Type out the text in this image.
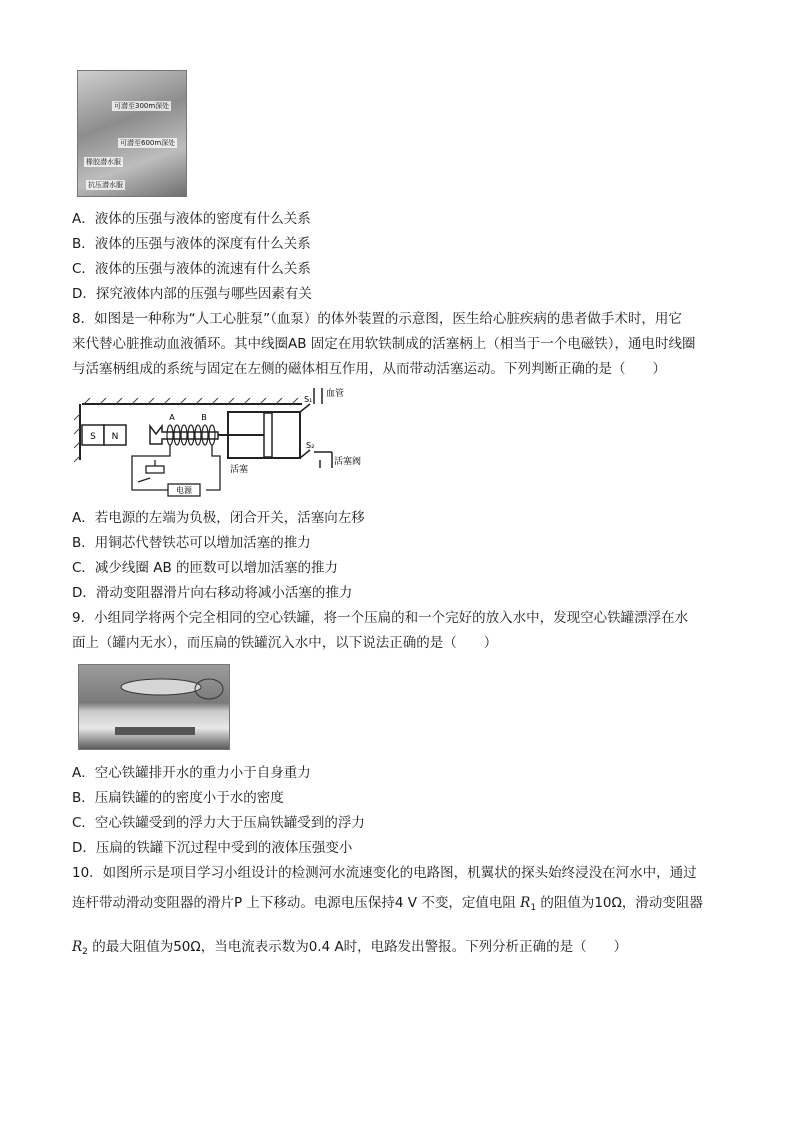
可潜至300m深处
可潜至600m深处
橡胶潜水服
抗压潜水服
A．液体的压强与液体的密度有什么关系
B．液体的压强与液体的深度有什么关系
C．液体的压强与液体的流速有什么关系
D．探究液体内部的压强与哪些因素有关
8．如图是一种称为“人工心脏泵”（血泵）的体外装置的示意图，医生给心脏疾病的患者做手术时，用它
来代替心脏推动血液循环。其中线圈AB 固定在用软铁制成的活塞柄上（相当于一个电磁铁），通电时线圈
与活塞柄组成的系统与固定在左侧的磁体相互作用，从而带动活塞运动。下列判断正确的是（　　）
S N
A	B
S₁
S₂
血管
活塞
活塞阀
电源
A．若电源的左端为负极，闭合开关，活塞向左移
B．用铜芯代替铁芯可以增加活塞的推力
C．减少线圈 AB 的匝数可以增加活塞的推力
D．滑动变阻器滑片向右移动将减小活塞的推力
9．小组同学将两个完全相同的空心铁罐，将一个压扁的和一个完好的放入水中，发现空心铁罐漂浮在水
面上（罐内无水），而压扁的铁罐沉入水中，以下说法正确的是（　　）
A．空心铁罐排开水的重力小于自身重力
B．压扁铁罐的的密度小于水的密度
C．空心铁罐受到的浮力大于压扁铁罐受到的浮力
D．压扁的铁罐下沉过程中受到的液体压强变小
10．如图所示是项目学习小组设计的检测河水流速变化的电路图，机翼状的探头始终浸没在河水中，通过
连杆带动滑动变阻器的滑片P 上下移动。电源电压保持4 V 不变，定值电阻 $R_1$ 的阻值为10Ω，滑动变阻器
$R_2$ 的最大阻值为50Ω，当电流表示数为0.4 A时，电路发出警报。下列分析正确的是（　　）
